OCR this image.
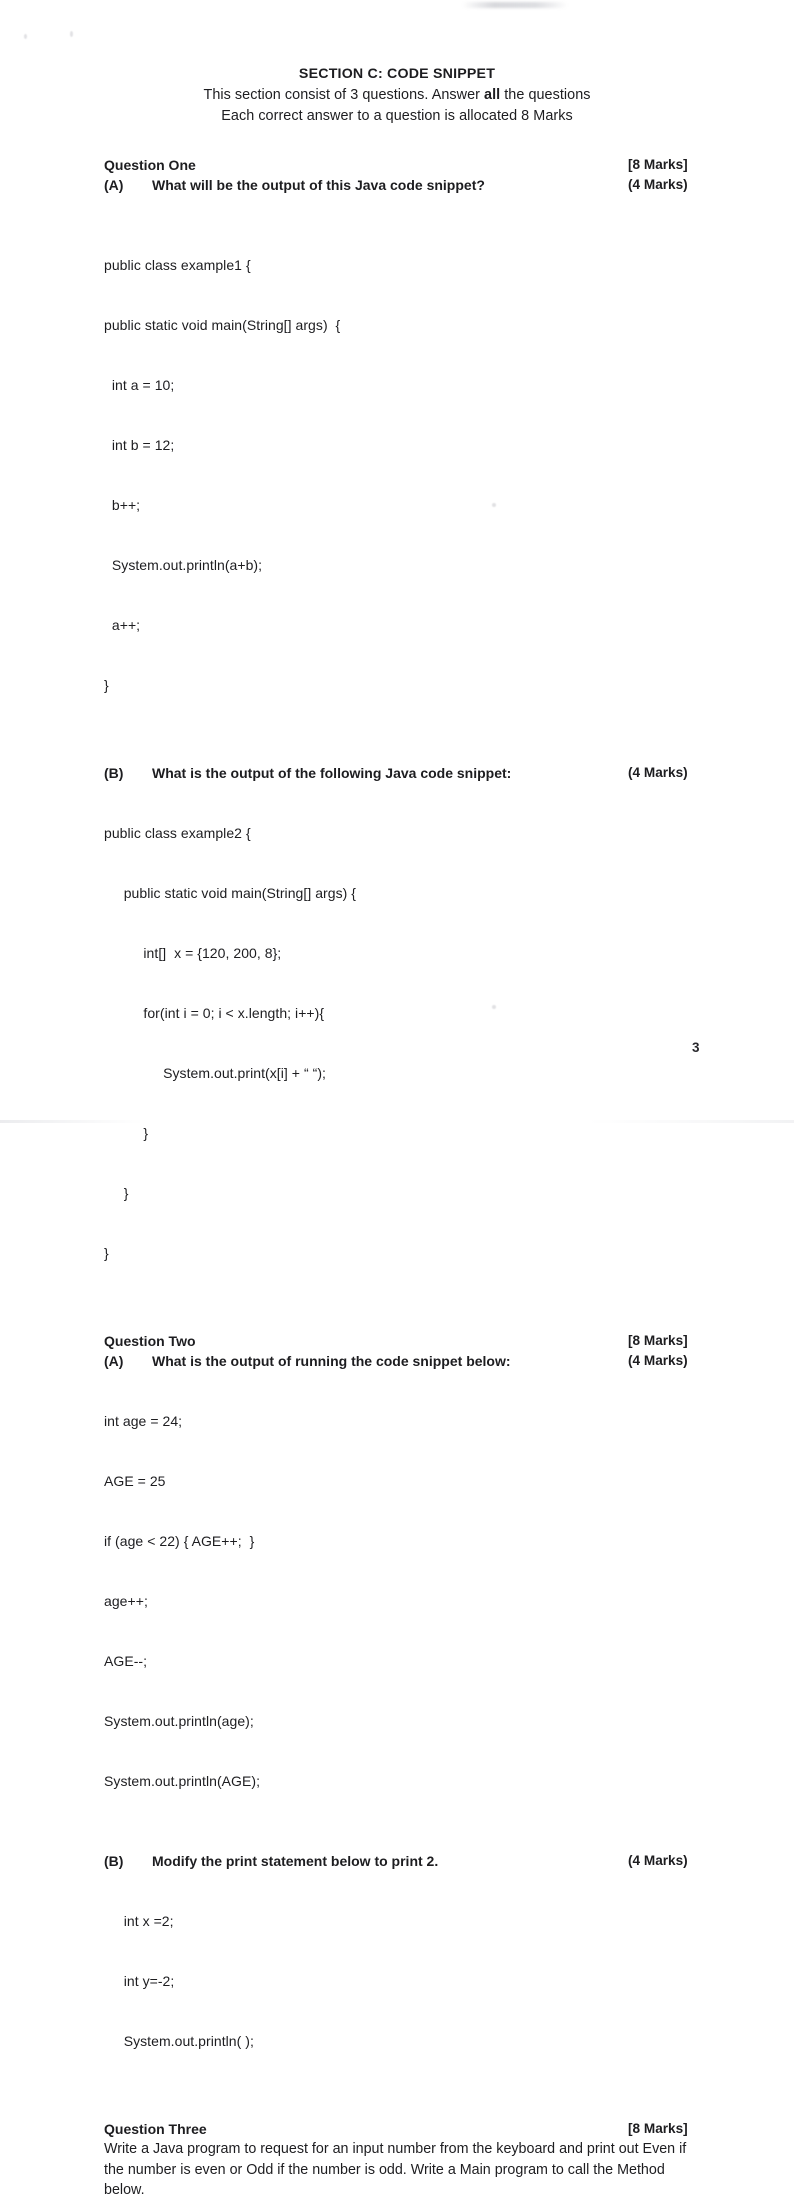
SECTION C: CODE SNIPPET
This section consist of 3 questions. Answer all the questions
Each correct answer to a question is allocated 8 Marks
Question One	[8 Marks]
(A)	What will be the output of this Java code snippet?	(4 Marks)

public class example1 {

public static void main(String[] args)  {

int a = 10;

int b = 12;

b++;

System.out.println(a+b);

a++;

}

(B)	What is the output of the following Java code snippet:	(4 Marks)

public class example2 {

public static void main(String[] args) {

int[]  x = {120, 200, 8};

for(int i = 0; i < x.length; i++){

System.out.print(x[i] + “ “);

}

}

}

Question Two	[8 Marks]
(A)	What is the output of running the code snippet below:	(4 Marks)

int age = 24;

AGE = 25

if (age < 22) { AGE++;  }

age++;

AGE--;

System.out.println(age);

System.out.println(AGE);

(B)	Modify the print statement below to print 2.	(4 Marks)

int x =2;

int y=-2;

System.out.println( );

Question Three	[8 Marks]
Write a Java program to request for an input number from the keyboard and print out Even if the number is even or Odd if the number is odd. Write a Main program to call the Method below.
3
